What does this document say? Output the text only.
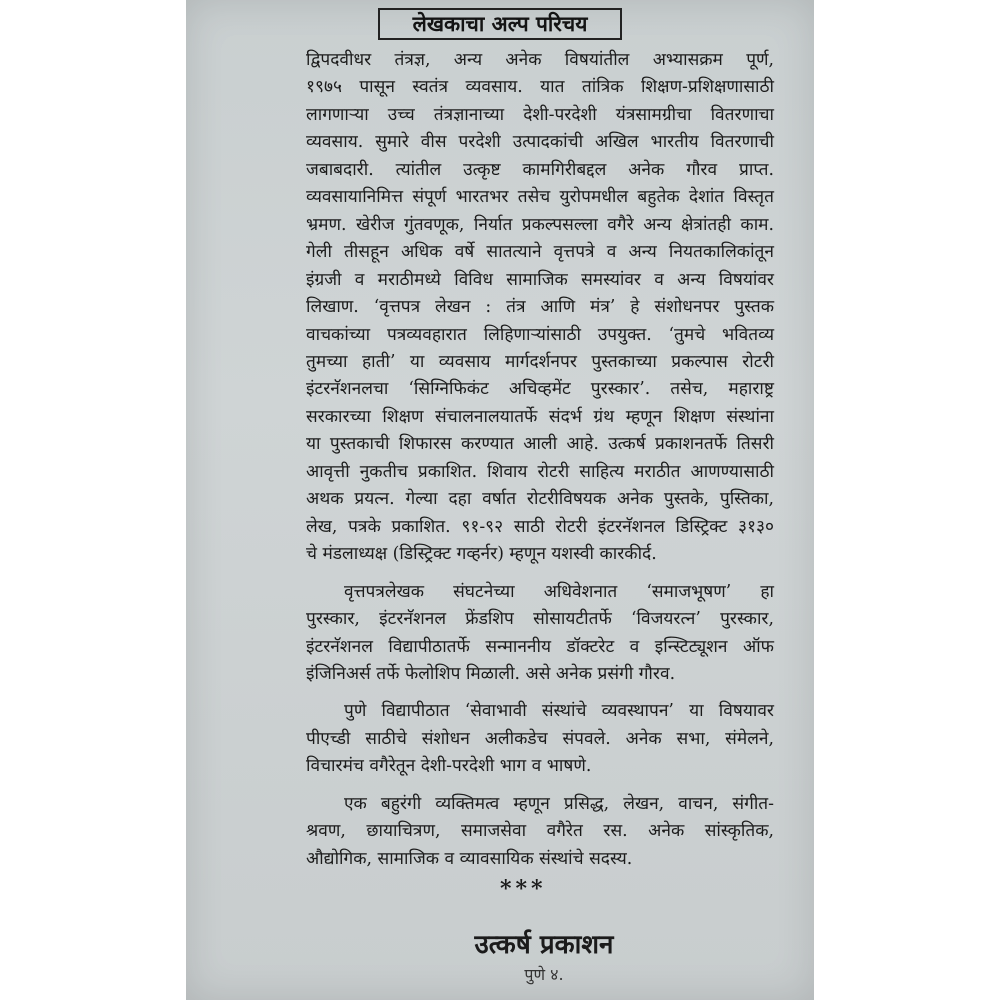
लेखकाचा अल्प परिचय

द्विपदवीधर तंत्रज्ञ, अन्य अनेक विषयांतील अभ्यासक्रम पूर्ण,
१९७५ पासून स्वतंत्र व्यवसाय. यात तांत्रिक शिक्षण-प्रशिक्षणासाठी
लागणाऱ्या उच्च तंत्रज्ञानाच्या देशी-परदेशी यंत्रसामग्रीचा वितरणाचा
व्यवसाय. सुमारे वीस परदेशी उत्पादकांची अखिल भारतीय वितरणाची
जबाबदारी. त्यांतील उत्कृष्ट कामगिरीबद्दल अनेक गौरव प्राप्त.
व्यवसायानिमित्त संपूर्ण भारतभर तसेच युरोपमधील बहुतेक देशांत विस्तृत
भ्रमण. खेरीज गुंतवणूक, निर्यात प्रकल्पसल्ला वगैरे अन्य क्षेत्रांतही काम.
गेली तीसहून अधिक वर्षे सातत्याने वृत्तपत्रे व अन्य नियतकालिकांतून
इंग्रजी व मराठीमध्ये विविध सामाजिक समस्यांवर व अन्य विषयांवर
लिखाण. ‘वृत्तपत्र लेखन : तंत्र आणि मंत्र’ हे संशोधनपर पुस्तक
वाचकांच्या पत्रव्यवहारात लिहिणाऱ्यांसाठी उपयुक्त. ‘तुमचे भवितव्य
तुमच्या हाती’ या व्यवसाय मार्गदर्शनपर पुस्तकाच्या प्रकल्पास रोटरी
इंटरनॅशनलचा ‘सिग्निफिकंट अचिव्हमेंट पुरस्कार’. तसेच, महाराष्ट्र
सरकारच्या शिक्षण संचालनालयातर्फे संदर्भ ग्रंथ म्हणून शिक्षण संस्थांना
या पुस्तकाची शिफारस करण्यात आली आहे. उत्कर्ष प्रकाशनतर्फे तिसरी
आवृत्ती नुकतीच प्रकाशित. शिवाय रोटरी साहित्य मराठीत आणण्यासाठी
अथक प्रयत्न. गेल्या दहा वर्षात रोटरीविषयक अनेक पुस्तके, पुस्तिका,
लेख, पत्रके प्रकाशित. ९१-९२ साठी रोटरी इंटरनॅशनल डिस्ट्रिक्ट ३१३०
चे मंडलाध्यक्ष (डिस्ट्रिक्ट गव्हर्नर) म्हणून यशस्वी कारकीर्द.

वृत्तपत्रलेखक संघटनेच्या अधिवेशनात ‘समाजभूषण’ हा
पुरस्कार, इंटरनॅशनल फ्रेंडशिप सोसायटीतर्फे ‘विजयरत्न’ पुरस्कार,
इंटरनॅशनल विद्यापीठातर्फे सन्माननीय डॉक्टरेट व इन्स्टिट्यूशन ऑफ
इंजिनिअर्स तर्फे फेलोशिप मिळाली. असे अनेक प्रसंगी गौरव.

पुणे विद्यापीठात ‘सेवाभावी संस्थांचे व्यवस्थापन’ या विषयावर
पीएच्डी साठीचे संशोधन अलीकडेच संपवले. अनेक सभा, संमेलने,
विचारमंच वगैरेतून देशी-परदेशी भाग व भाषणे.

एक बहुरंगी व्यक्तिमत्व म्हणून प्रसिद्ध, लेखन, वाचन, संगीत-
श्रवण, छायाचित्रण, समाजसेवा वगैरेत रस. अनेक सांस्कृतिक,
औद्योगिक, सामाजिक व व्यावसायिक संस्थांचे सदस्य.

***
उत्कर्ष प्रकाशन
पुणे ४.
